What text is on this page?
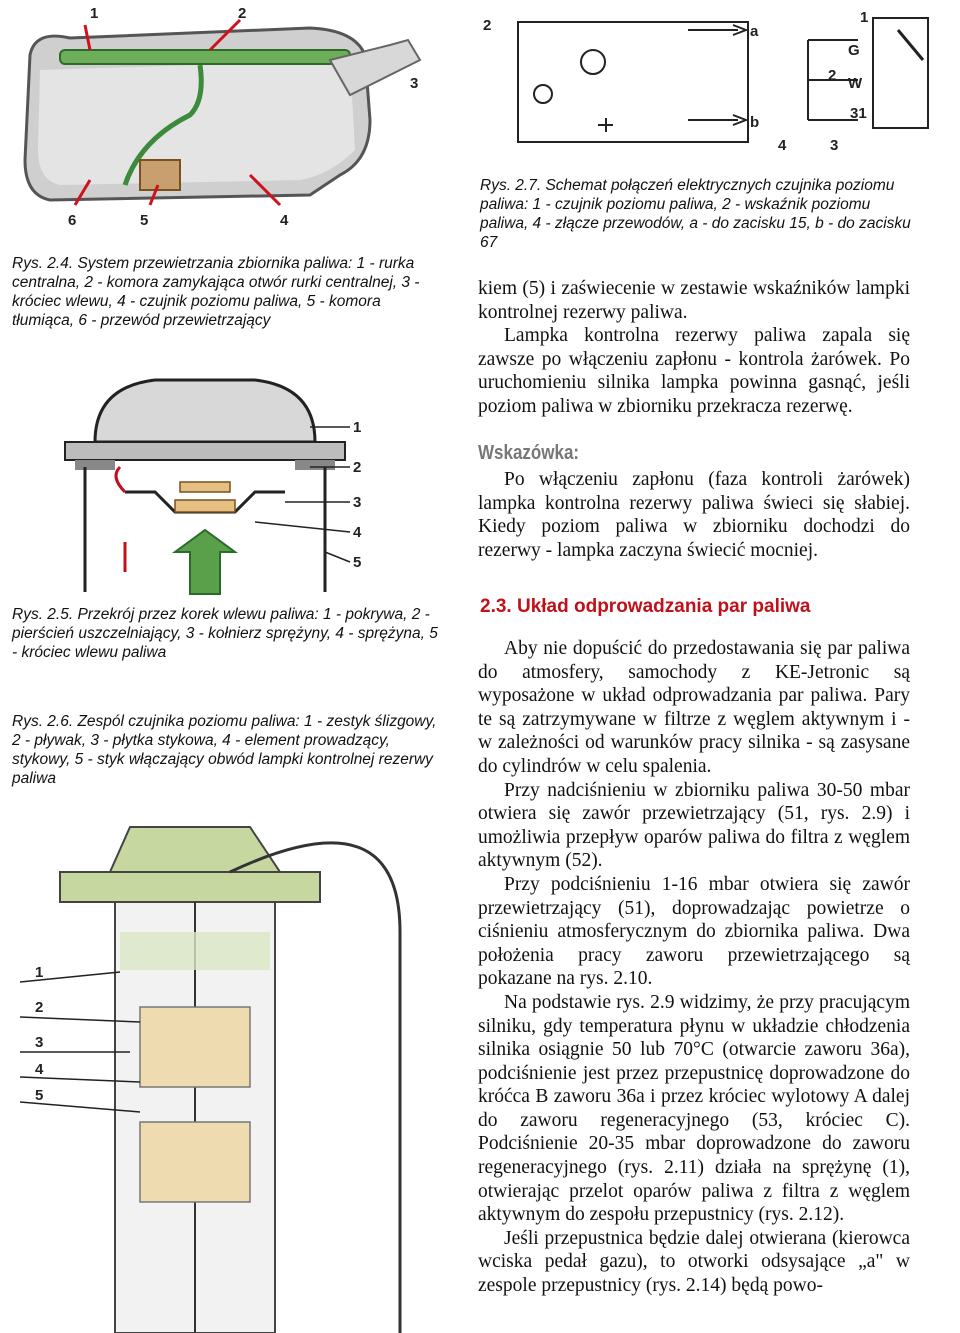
1	2
3
4
5
6
Rys. 2.4. System przewietrzania zbiornika paliwa: 1 - rurka centralna, 2 - komora zamykająca otwór rurki centralnej, 3 - króciec wlewu, 4 - czujnik poziomu paliwa, 5 - komora tłumiąca, 6 - przewód przewietrzający
1
2
3
4
5
Rys. 2.5. Przekrój przez korek wlewu paliwa: 1 - pokrywa, 2 - pierścień uszczelniający, 3 - kołnierz sprężyny, 4 - sprężyna, 5 - króciec wlewu paliwa
Rys. 2.6. Zespól czujnika poziomu paliwa: 1 - zestyk ślizgowy, 2 - pływak, 3 - płytka stykowa, 4 - element prowadzący, stykowy, 5 - styk włączający obwód lampki kontrolnej rezerwy paliwa
1
2
3
4
5
2	a
b
1
G
2 W
31
3
4
Rys. 2.7. Schemat połączeń elektrycznych czujnika poziomu paliwa: 1 - czujnik poziomu paliwa, 2 - wskaźnik poziomu paliwa, 4 - złącze przewodów, a - do zacisku 15, b - do zacisku 67

kiem (5) i zaświecenie w zestawie wskaźników lampki kontrolnej rezerwy paliwa.

Lampka kontrolna rezerwy paliwa zapala się zawsze po włączeniu zapłonu - kontrola żarówek. Po uruchomieniu silnika lampka powinna gasnąć, jeśli poziom paliwa w zbiorniku przekracza rezerwę.

Wskazówka:

Po włączeniu zapłonu (faza kontroli żarówek) lampka kontrolna rezerwy paliwa świeci się słabiej. Kiedy poziom paliwa w zbiorniku dochodzi do rezerwy - lampka zaczyna świecić mocniej.

2.3. Układ odprowadzania par paliwa

Aby nie dopuścić do przedostawania się par paliwa do atmosfery, samochody z KE-Jetronic są wyposażone w układ odprowadzania par paliwa. Pary te są zatrzymywane w filtrze z węglem aktywnym i - w zależności od warunków pracy silnika - są zasysane do cylindrów w celu spalenia.

Przy nadciśnieniu w zbiorniku paliwa 30-50 mbar otwiera się zawór przewietrzający (51, rys. 2.9) i umożliwia przepływ oparów paliwa do filtra z węglem aktywnym (52).

Przy podciśnieniu 1-16 mbar otwiera się zawór przewietrzający (51), doprowadzając powietrze o ciśnieniu atmosferycznym do zbiornika paliwa. Dwa położenia pracy zaworu przewietrzającego są pokazane na rys. 2.10.

Na podstawie rys. 2.9 widzimy, że przy pracującym silniku, gdy temperatura płynu w układzie chłodzenia silnika osiągnie 50 lub 70°C (otwarcie zaworu 36a), podciśnienie jest przez przepustnicę doprowadzone do króćca B zaworu 36a i przez króciec wylotowy A dalej do zaworu regeneracyjnego (53, króciec C). Podciśnienie 20-35 mbar doprowadzone do zaworu regeneracyjnego (rys. 2.11) działa na sprężynę (1), otwierając przelot oparów paliwa z filtra z węglem aktywnym do zespołu przepustnicy (rys. 2.12).

Jeśli przepustnica będzie dalej otwierana (kierowca wciska pedał gazu), to otworki odsysające „a" w zespole przepustnicy (rys. 2.14) będą powo-
